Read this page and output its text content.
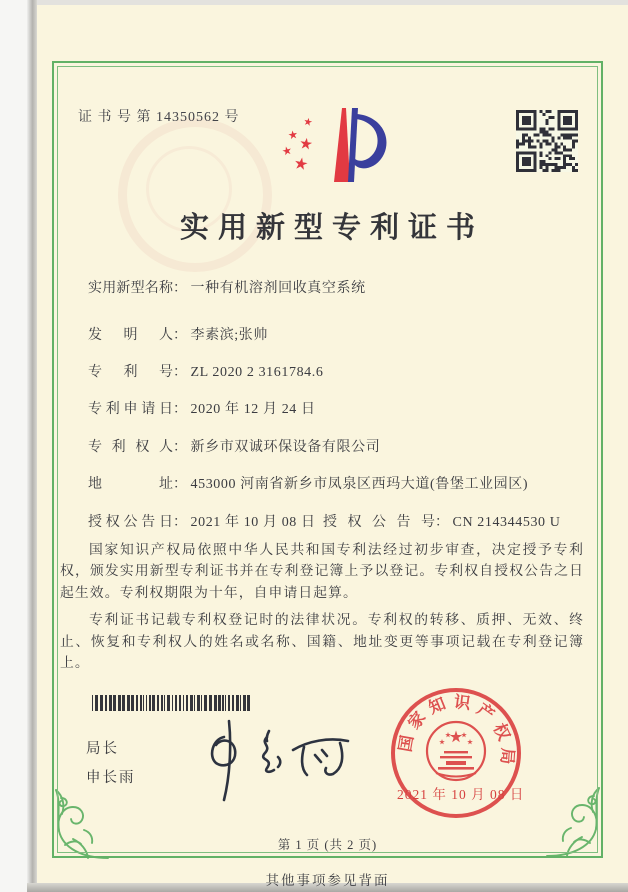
证 书 号 第 14350562 号
实用新型专利证书
实用新型名称： 一种有机溶剂回收真空系统
发明人： 李素滨;张帅
专利号： ZL 2020 2 3161784.6
专利申请日： 2020 年 12 月 24 日
专利权人： 新乡市双诚环保设备有限公司
地址： 453000 河南省新乡市凤泉区西玛大道(鲁堡工业园区)
授权公告日： 2021 年 10 月 08 日 授权公告号： CN 214344530 U

国家知识产权局依照中华人民共和国专利法经过初步审查，决定授予专利权，颁发实用新型专利证书并在专利登记簿上予以登记。专利权自授权公告之日起生效。专利权期限为十年，自申请日起算。

专利证书记载专利权登记时的法律状况。专利权的转移、质押、无效、终止、恢复和专利权人的姓名或名称、国籍、地址变更等事项记载在专利登记簿上。

局长
申长雨
国
家
知 识 产
权
局
2021 年 10 月 08 日
第 1 页 (共 2 页)
其他事项参见背面
